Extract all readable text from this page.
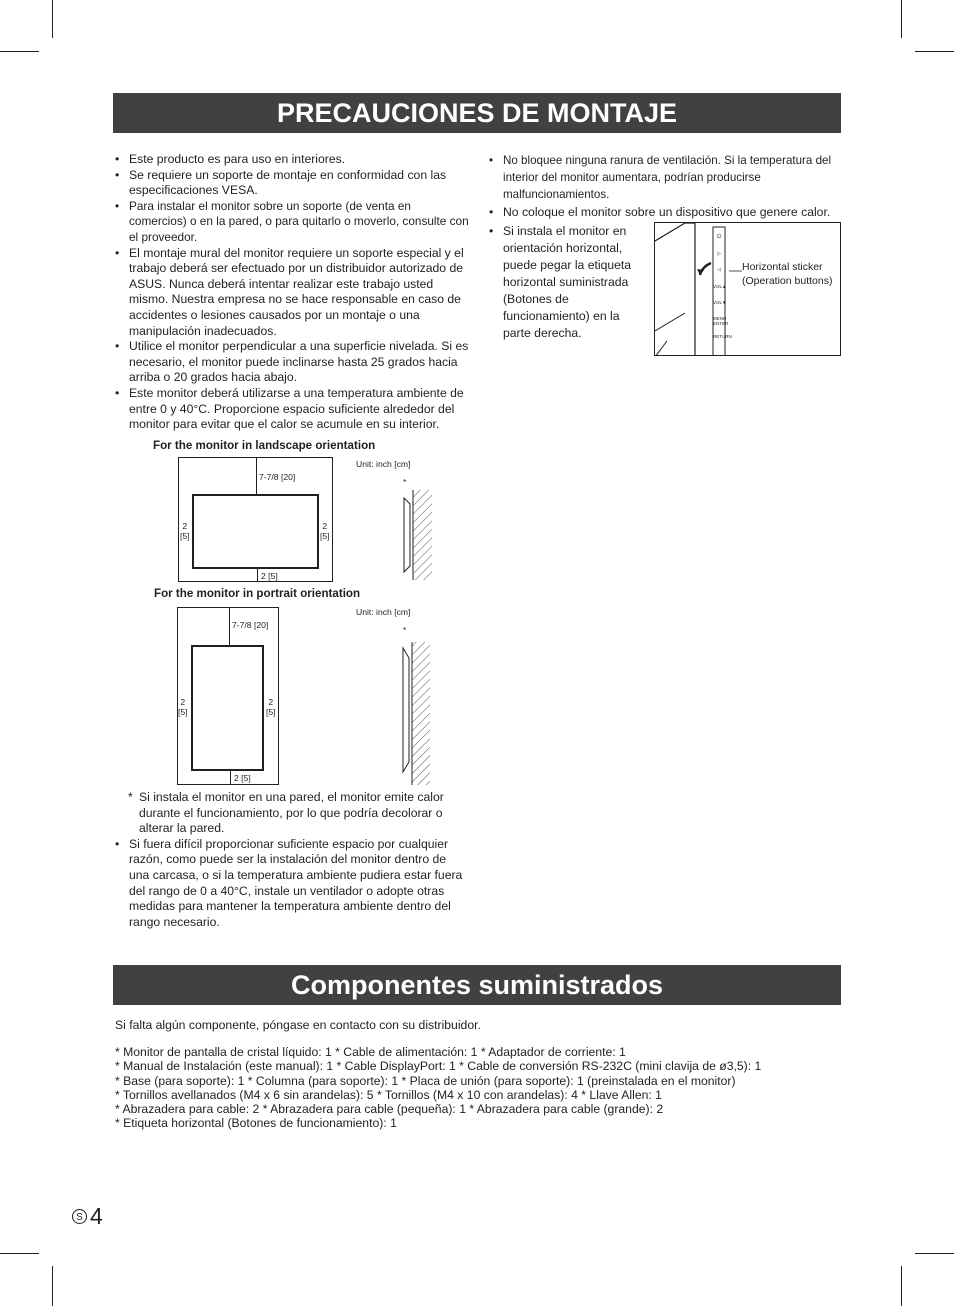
PRECAUCIONES DE MONTAJE
• Este producto es para uso en interiores.
• Se requiere un soporte de montaje en conformidad con las especificaciones VESA.
• Para instalar el monitor sobre un soporte (de venta en comercios) o en la pared, o para quitarlo o moverlo, consulte con el proveedor.
• El montaje mural del monitor requiere un soporte especial y el trabajo deberá ser efectuado por un distribuidor autorizado de ASUS. Nunca deberá intentar realizar este trabajo usted mismo. Nuestra empresa no se hace responsable en caso de accidentes o lesiones causados por un montaje o una manipulación inadecuados.
• Utilice el monitor perpendicular a una superficie nivelada. Si es necesario, el monitor puede inclinarse hasta 25 grados hacia arriba o 20 grados hacia abajo.
• Este monitor deberá utilizarse a una temperatura ambiente de entre 0 y 40°C. Proporcione espacio suficiente alrededor del monitor para evitar que el calor se acumule en su interior.
• No bloquee ninguna ranura de ventilación. Si la temperatura del interior del monitor aumentara, podrían producirse malfuncionamientos.
• No coloque el monitor sobre un dispositivo que genere calor.
• Si instala el monitor en orientación horizontal, puede pegar la etiqueta horizontal suministrada (Botones de funcionamiento) en la parte derecha.
⏻
▷
◁
VOL▲
VOL▼
MENU ENTER
RETURN
Horizontal sticker (Operation buttons)
For the monitor in landscape orientation
Unit: inch [cm]
7-7/8 [20]
2
[5]
2
[5]
2 [5]
*
For the monitor in portrait orientation
Unit: inch [cm]
7-7/8 [20]
2
[5]
2
[5]
2 [5]
*
* Si instala el monitor en una pared, el monitor emite calor durante el funcionamiento, por lo que podría decolorar o alterar la pared.
• Si fuera difícil proporcionar suficiente espacio por cualquier razón, como puede ser la instalación del monitor dentro de una carcasa, o si la temperatura ambiente pudiera estar fuera del rango de 0 a 40°C, instale un ventilador o adopte otras medidas para mantener la temperatura ambiente dentro del rango necesario.
Componentes suministrados

Si falta algún componente, póngase en contacto con su distribuidor.

* Monitor de pantalla de cristal líquido: 1 * Cable de alimentación: 1 * Adaptador de corriente: 1
* Manual de Instalación (este manual): 1 * Cable DisplayPort: 1 * Cable de conversión RS-232C (mini clavija de ø3,5): 1
* Base (para soporte): 1 * Columna (para soporte): 1 * Placa de unión (para soporte): 1 (preinstalada en el monitor)
* Tornillos avellanados (M4 x 6 sin arandelas): 5 * Tornillos (M4 x 10 con arandelas): 4 * Llave Allen: 1
* Abrazadera para cable: 2 * Abrazadera para cable (pequeña): 1 * Abrazadera para cable (grande): 2
* Etiqueta horizontal (Botones de funcionamiento): 1
S 4
